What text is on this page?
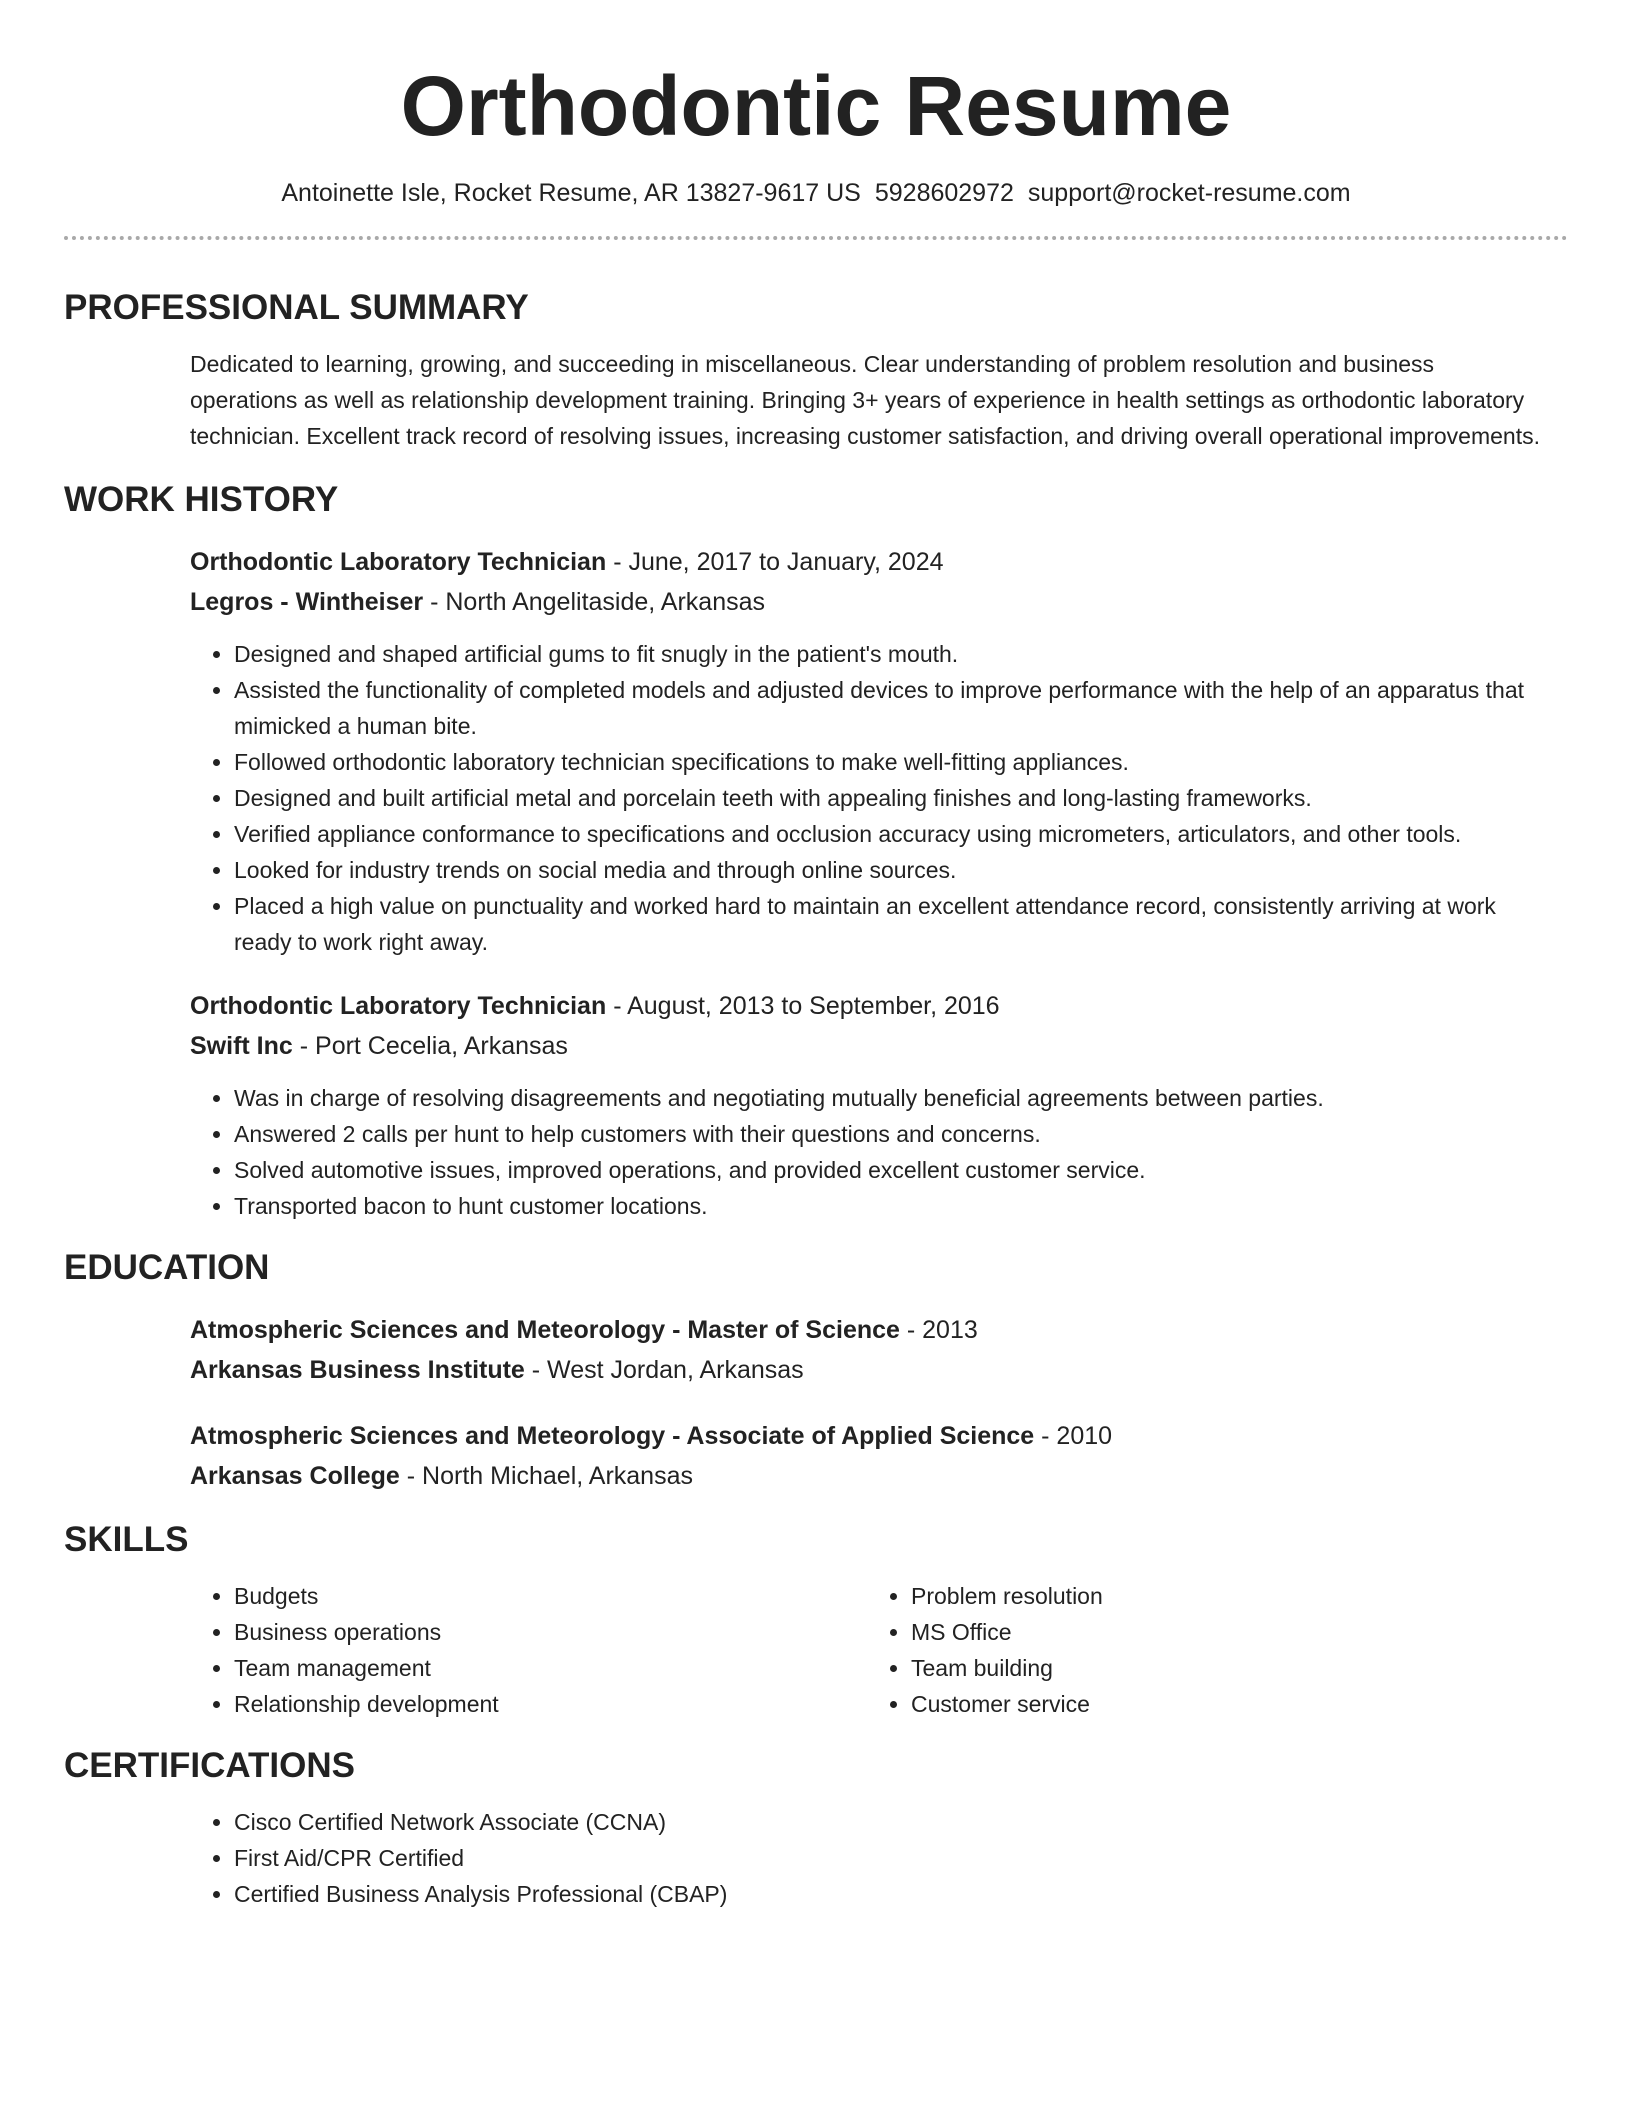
Orthodontic Resume
Antoinette Isle, Rocket Resume, AR 13827-9617 US 5928602972 support@rocket-resume.com
PROFESSIONAL SUMMARY
Dedicated to learning, growing, and succeeding in miscellaneous. Clear understanding of problem resolution and business operations as well as relationship development training. Bringing 3+ years of experience in health settings as orthodontic laboratory technician. Excellent track record of resolving issues, increasing customer satisfaction, and driving overall operational improvements.
WORK HISTORY
Orthodontic Laboratory Technician - June, 2017 to January, 2024
Legros - Wintheiser - North Angelitaside, Arkansas
• Designed and shaped artificial gums to fit snugly in the patient's mouth.
• Assisted the functionality of completed models and adjusted devices to improve performance with the help of an apparatus that mimicked a human bite.
• Followed orthodontic laboratory technician specifications to make well-fitting appliances.
• Designed and built artificial metal and porcelain teeth with appealing finishes and long-lasting frameworks.
• Verified appliance conformance to specifications and occlusion accuracy using micrometers, articulators, and other tools.
• Looked for industry trends on social media and through online sources.
• Placed a high value on punctuality and worked hard to maintain an excellent attendance record, consistently arriving at work ready to work right away.
Orthodontic Laboratory Technician - August, 2013 to September, 2016
Swift Inc - Port Cecelia, Arkansas
• Was in charge of resolving disagreements and negotiating mutually beneficial agreements between parties.
• Answered 2 calls per hunt to help customers with their questions and concerns.
• Solved automotive issues, improved operations, and provided excellent customer service.
• Transported bacon to hunt customer locations.
EDUCATION
Atmospheric Sciences and Meteorology - Master of Science - 2013
Arkansas Business Institute - West Jordan, Arkansas
Atmospheric Sciences and Meteorology - Associate of Applied Science - 2010
Arkansas College - North Michael, Arkansas
SKILLS
• Budgets
• Business operations
• Team management
• Relationship development
• Problem resolution
• MS Office
• Team building
• Customer service
CERTIFICATIONS
• Cisco Certified Network Associate (CCNA)
• First Aid/CPR Certified
• Certified Business Analysis Professional (CBAP)
